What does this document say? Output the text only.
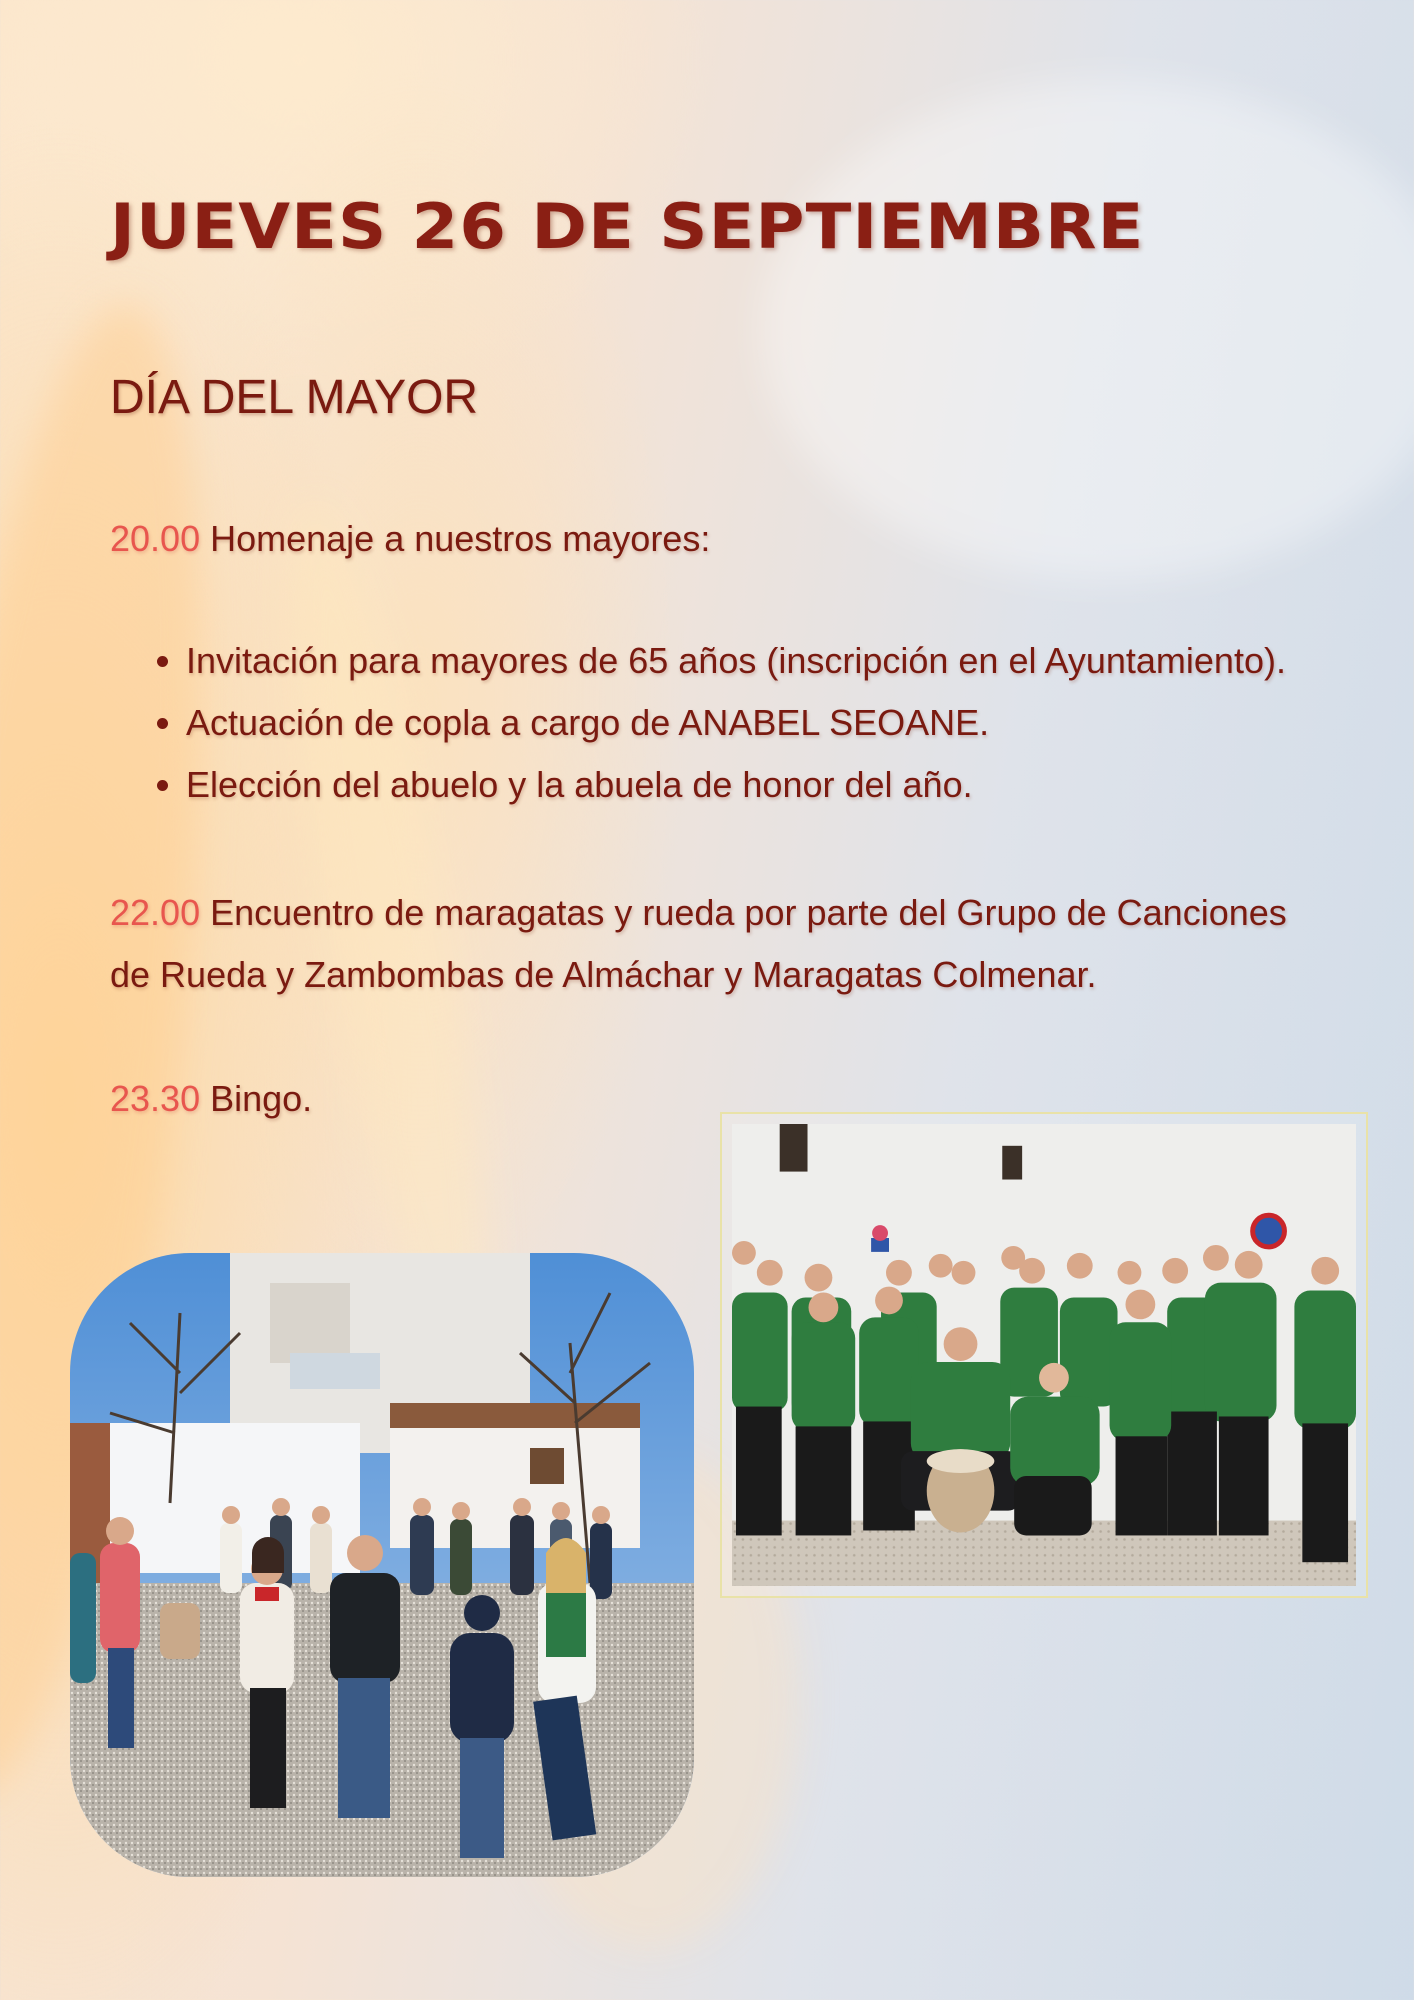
JUEVES 26 DE SEPTIEMBRE
DÍA DEL MAYOR

20.00 Homenaje a nuestros mayores:

• Invitación para mayores de 65 años (inscripción en el Ayuntamiento).
• Actuación de copla a cargo de ANABEL SEOANE.
• Elección del abuelo y la abuela de honor del año.

22.00 Encuentro de maragatas y rueda por parte del Grupo de Canciones de Rueda y Zambombas de Almáchar y Maragatas Colmenar.

23.30 Bingo.
